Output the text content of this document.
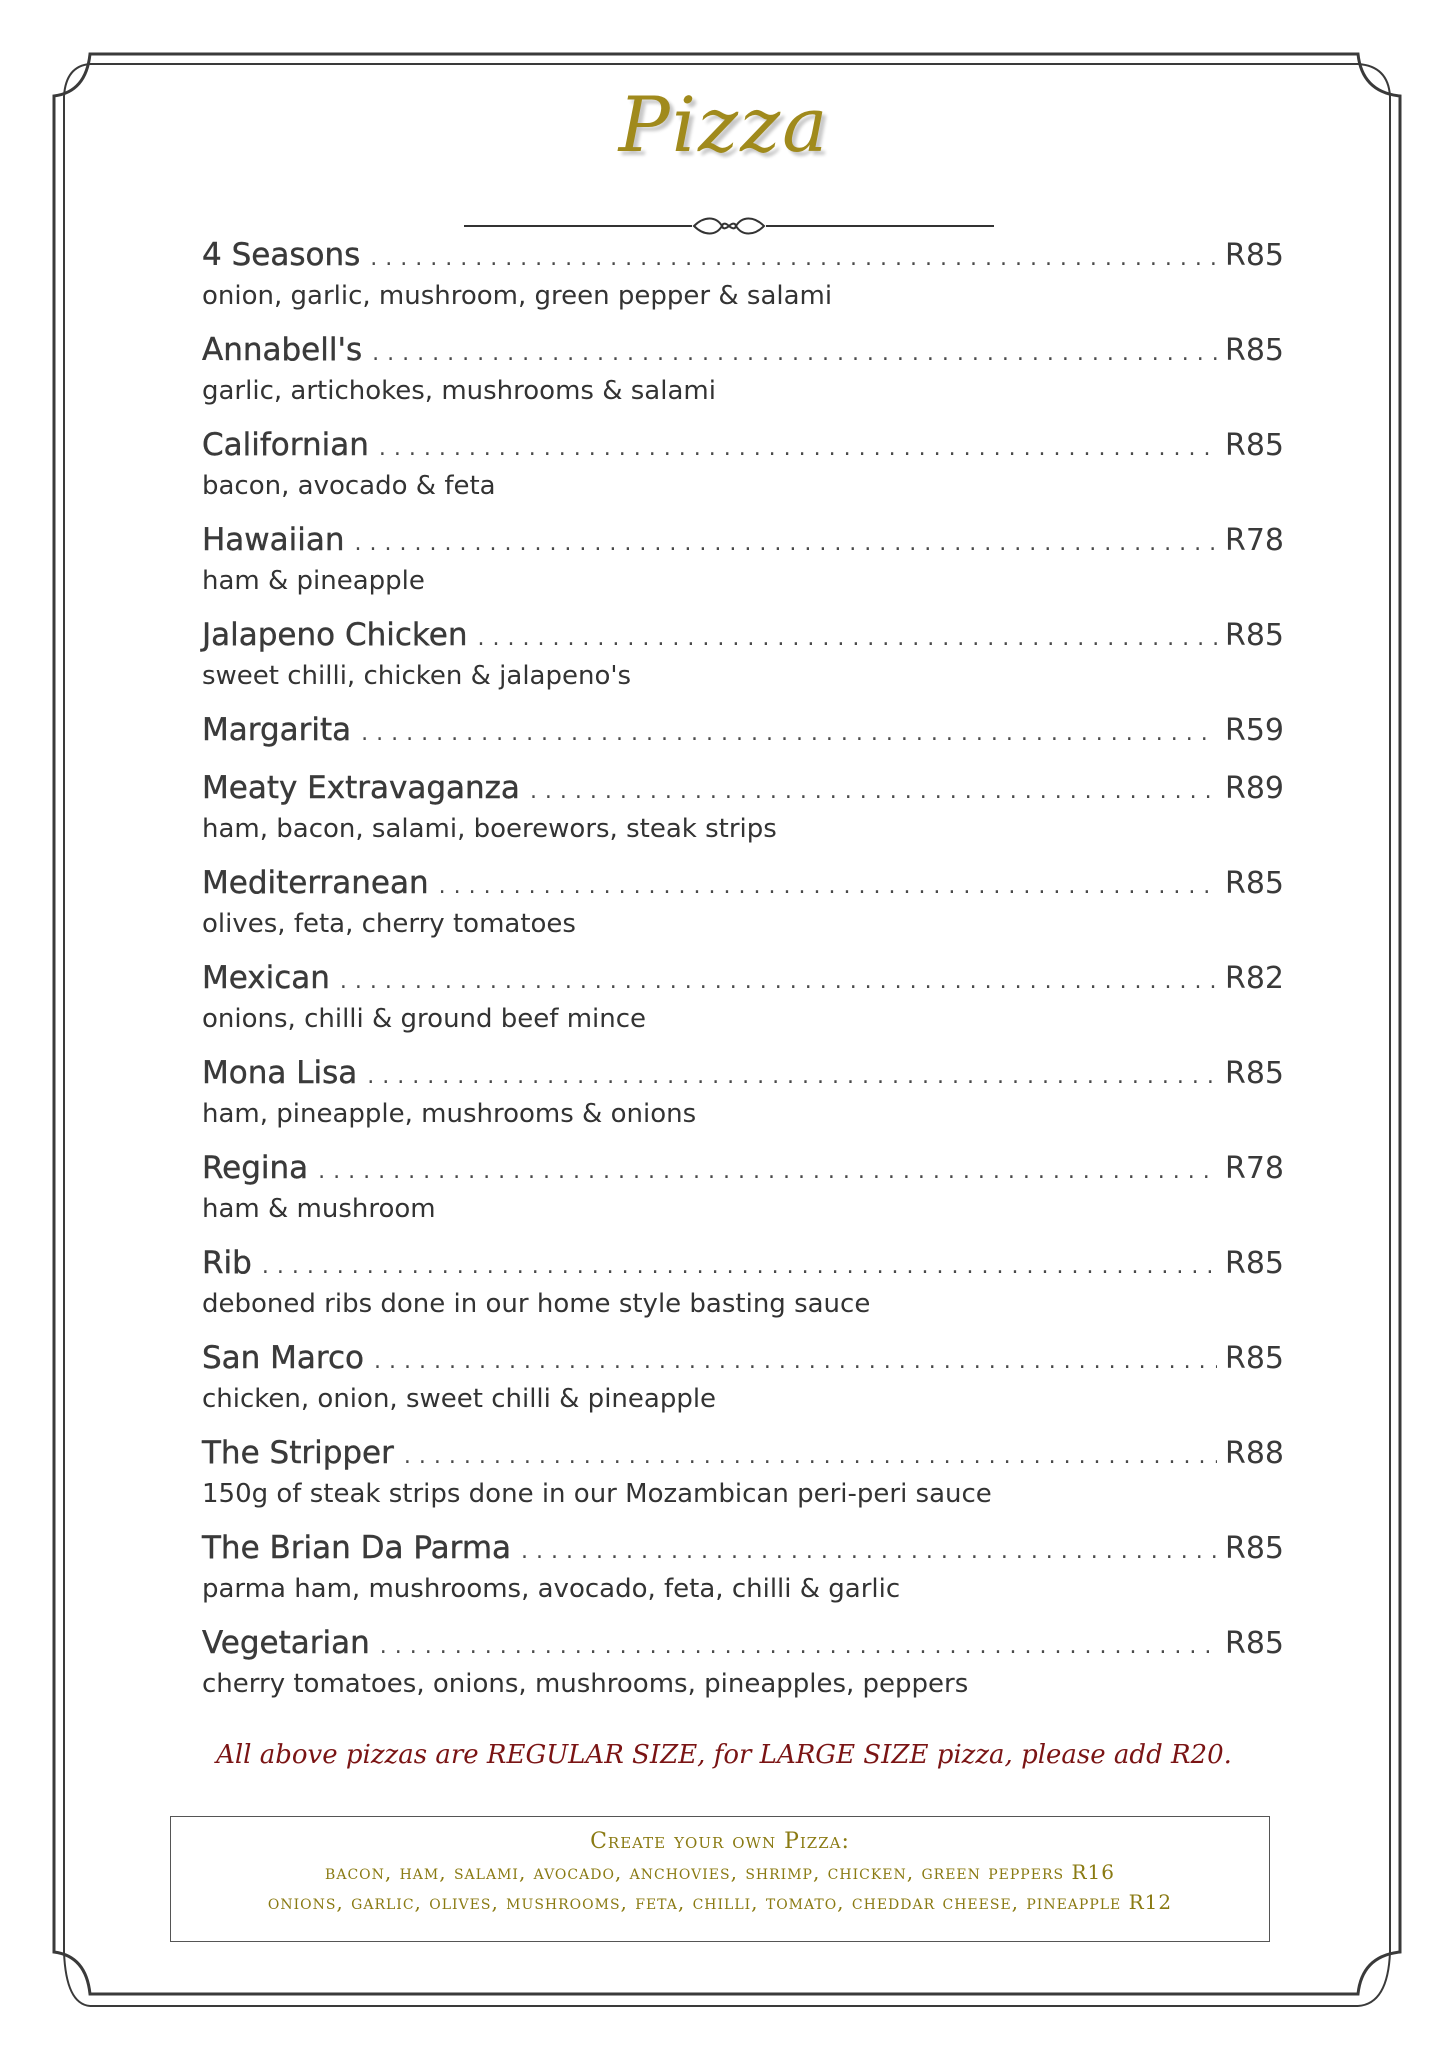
Pizza
4 Seasons .....	R85
onion, garlic, mushroom, green pepper & salami
Annabell's .....	R85
garlic, artichokes, mushrooms & salami
Californian .....	R85
bacon, avocado & feta
Hawaiian .....	R78
ham & pineapple
Jalapeno Chicken .....	R85
sweet chilli, chicken & jalapeno's
Margarita .....	R59
Meaty Extravaganza .....	R89
ham, bacon, salami, boerewors, steak strips
Mediterranean .....	R85
olives, feta, cherry tomatoes
Mexican .....	R82
onions, chilli & ground beef mince
Mona Lisa .....	R85
ham, pineapple, mushrooms & onions
Regina .....	R78
ham & mushroom
Rib .....	R85
deboned ribs done in our home style basting sauce
San Marco .....	R85
chicken, onion, sweet chilli & pineapple
The Stripper .....	R88
150g of steak strips done in our Mozambican peri-peri sauce
The Brian Da Parma .....	R85
parma ham, mushrooms, avocado, feta, chilli & garlic
Vegetarian .....	R85
cherry tomatoes, onions, mushrooms, pineapples, peppers
All above pizzas are REGULAR SIZE, for LARGE SIZE pizza, please add R20.
Create your own Pizza:
bacon, ham, salami, avocado, anchovies, shrimp, chicken, green peppers R16
onions, garlic, olives, mushrooms, feta, chilli, tomato, cheddar cheese, pineapple R12
